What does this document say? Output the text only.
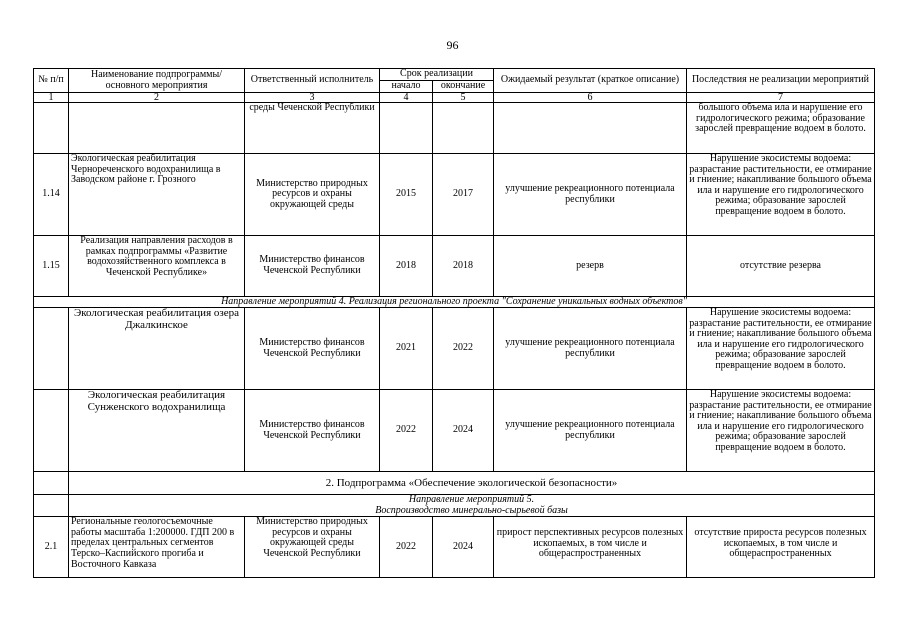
96
№ п/п	Наименование подпрограммы/ основного мероприятия	Ответственный исполнитель	Срок реализации		Ожидаемый результат (краткое описание)	Последствия не реализации мероприятий
			начало	окончание		
1	2	3	4	5	6	7
		среды Чеченской Республики				большого объема ила и нарушение его гидрологического режима; образование зарослей превращение водоем в болото.
1.14	Экологическая реабилитация Чернореченского водохранилища в Заводском районе г. Грозного	Министерство природных ресурсов и охраны окружающей среды	2015	2017	улучшение рекреационного потенциала республики	Нарушение экосистемы водоема: разрастание растительности, ее отмирание и гниение; накапливание большого объема ила и нарушение его гидрологического режима; образование зарослей превращение водоем в болото.
1.15	Реализация направления расходов в рамках подпрограммы «Развитие водохозяйственного комплекса в Чеченской Республике»	Министерство финансов Чеченской Республики	2018	2018	резерв	отсутствие резерва
Направление мероприятий 4. Реализация регионального проекта "Сохранение уникальных водных объектов"						
	Экологическая реабилитация озера Джалкинское	Министерство финансов Чеченской Республики	2021	2022	улучшение рекреационного потенциала республики	Нарушение экосистемы водоема: разрастание растительности, ее отмирание и гниение; накапливание большого объема ила и нарушение его гидрологического режима; образование зарослей превращение водоем в болото.
	Экологическая реабилитация Сунженского водохранилища	Министерство финансов Чеченской Республики	2022	2024	улучшение рекреационного потенциала республики	Нарушение экосистемы водоема: разрастание растительности, ее отмирание и гниение; накапливание большого объема ила и нарушение его гидрологического режима; образование зарослей превращение водоем в болото.
	2. Подпрограмма «Обеспечение экологической безопасности»					

	Направление мероприятий 5.
Воспроизводство минерально-сырьевой базы					

2.1	Региональные геологосъемочные работы масштаба 1:200000. ГДП 200 в пределах центральных сегментов Терско–Каспийского прогиба и Восточного Кавказа	Министерство природных ресурсов и охраны окружающей среды Чеченской Республики	2022	2024	прирост перспективных ресурсов полезных ископаемых, в том числе и общераспространенных	отсутствие прироста ресурсов полезных ископаемых, в том числе и общераспространенных
